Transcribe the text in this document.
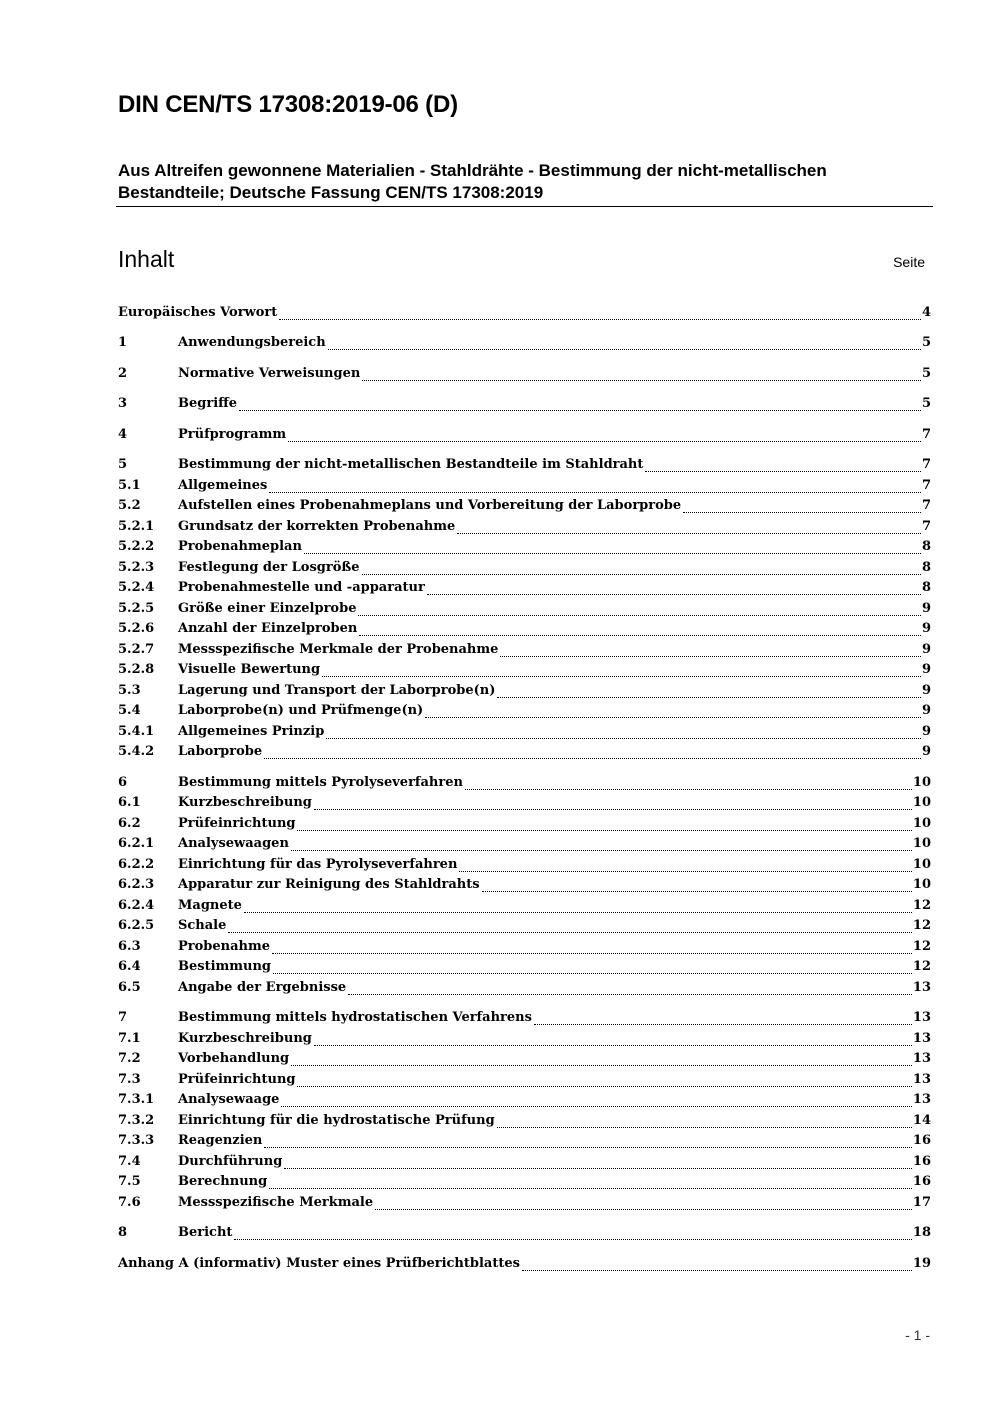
DIN CEN/TS 17308:2019-06 (D)
Aus Altreifen gewonnene Materialien - Stahldrähte - Bestimmung der nicht-metallischen Bestandteile; Deutsche Fassung CEN/TS 17308:2019
Inhalt	Seite
Europäisches Vorwort	4
1	Anwendungsbereich	5
2	Normative Verweisungen	5
3	Begriffe	5
4	Prüfprogramm	7
5	Bestimmung der nicht-metallischen Bestandteile im Stahldraht	7
5.1	Allgemeines	7
5.2	Aufstellen eines Probenahmeplans und Vorbereitung der Laborprobe	7
5.2.1	Grundsatz der korrekten Probenahme	7
5.2.2	Probenahmeplan	8
5.2.3	Festlegung der Losgröße	8
5.2.4	Probenahmestelle und -apparatur	8
5.2.5	Größe einer Einzelprobe	9
5.2.6	Anzahl der Einzelproben	9
5.2.7	Messspezifische Merkmale der Probenahme	9
5.2.8	Visuelle Bewertung	9
5.3	Lagerung und Transport der Laborprobe(n)	9
5.4	Laborprobe(n) und Prüfmenge(n)	9
5.4.1	Allgemeines Prinzip	9
5.4.2	Laborprobe	9
6	Bestimmung mittels Pyrolyseverfahren	10
6.1	Kurzbeschreibung	10
6.2	Prüfeinrichtung	10
6.2.1	Analysewaagen	10
6.2.2	Einrichtung für das Pyrolyseverfahren	10
6.2.3	Apparatur zur Reinigung des Stahldrahts	10
6.2.4	Magnete	12
6.2.5	Schale	12
6.3	Probenahme	12
6.4	Bestimmung	12
6.5	Angabe der Ergebnisse	13
7	Bestimmung mittels hydrostatischen Verfahrens	13
7.1	Kurzbeschreibung	13
7.2	Vorbehandlung	13
7.3	Prüfeinrichtung	13
7.3.1	Analysewaage	13
7.3.2	Einrichtung für die hydrostatische Prüfung	14
7.3.3	Reagenzien	16
7.4	Durchführung	16
7.5	Berechnung	16
7.6	Messspezifische Merkmale	17
8	Bericht	18
Anhang A (informativ) Muster eines Prüfberichtblattes	19
- 1 -
